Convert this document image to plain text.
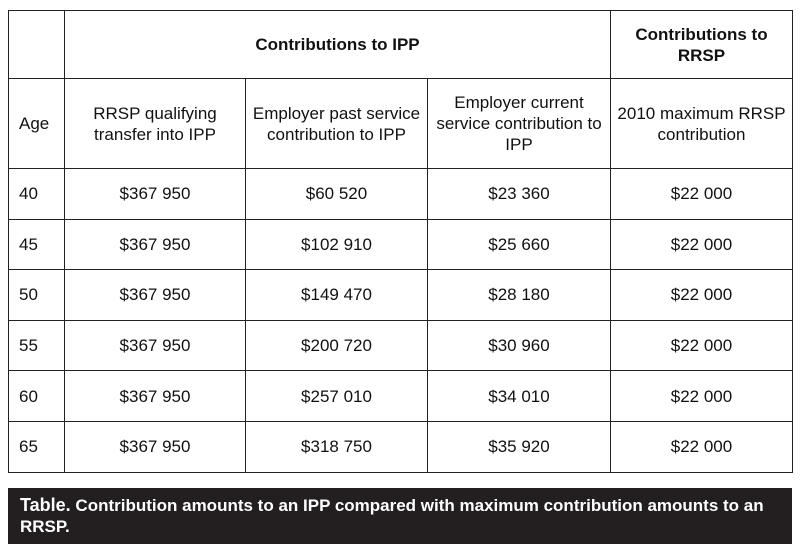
	Contributions to IPP			Contributions to RRSP
Age	RRSP qualifying transfer into IPP	Employer past service contribution to IPP	Employer current service contribution to IPP	2010 maximum RRSP contribution
40	$367 950	$60 520	$23 360	$22 000
45	$367 950	$102 910	$25 660	$22 000
50	$367 950	$149 470	$28 180	$22 000
55	$367 950	$200 720	$30 960	$22 000
60	$367 950	$257 010	$34 010	$22 000
65	$367 950	$318 750	$35 920	$22 000
Table. Contribution amounts to an IPP compared with maximum contribution amounts to an RRSP.
